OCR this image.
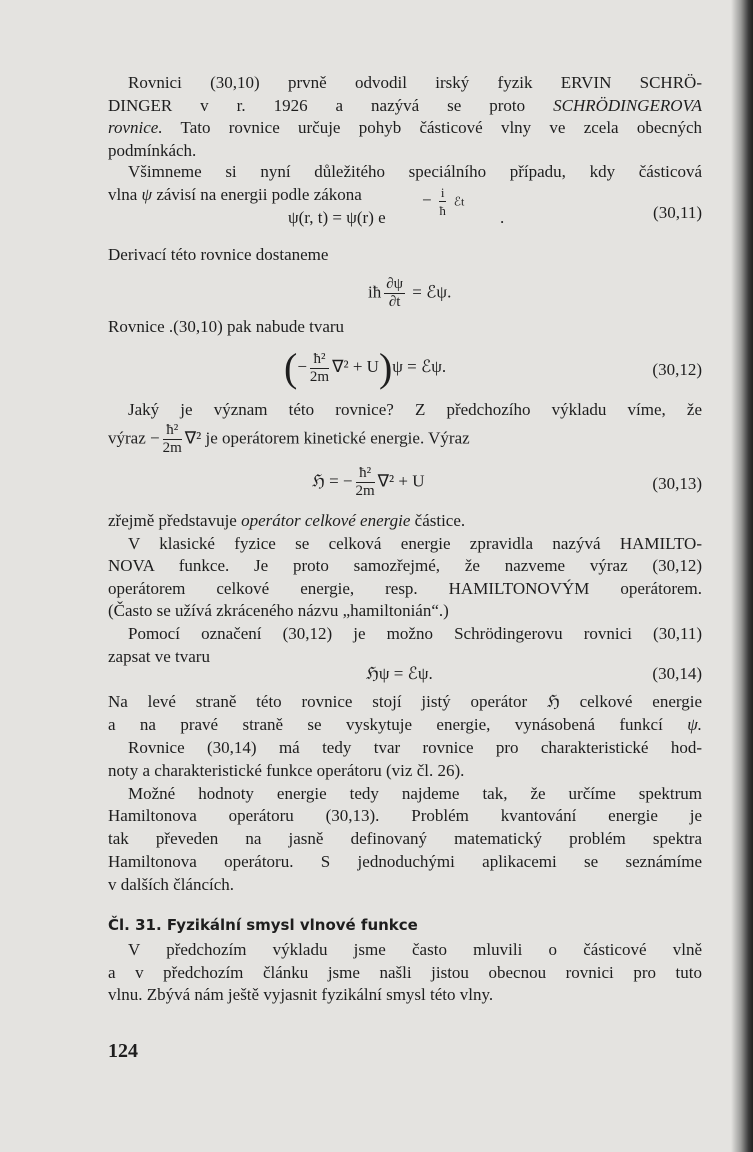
Rovnici (30,10) prvně odvodil irský fyzik ERVIN SCHRÖ-
DINGER v r. 1926 a nazývá se proto SCHRÖDINGEROVA
rovnice. Tato rovnice určuje pohyb částicové vlny ve zcela obecných
podmínkách.
Všimneme si nyní důležitého speciálního případu, kdy částicová
vlna ψ závisí na energii podle zákona
ψ(r, t) = ψ(r) e
− $\frac{i}{ħ}$ ℰt
.	(30,11)
Derivací této rovnice dostaneme
iħ $\frac{\partial\psi}{\partial t}$ = ℰψ.
Rovnice .(30,10) pak nabude tvaru
(− $\frac{\text{ħ²}}{2m} \nabla^2 + U)\psi$ = ℰψ.	(30,12)
Jaký je význam této rovnice? Z předchozího výkladu víme, že
výraz − $\frac{\text{ħ²}}{2m} \nabla^2$ je operátorem kinetické energie. Výraz
ℌ = − $\frac{\text{ħ²}}{2m} \nabla^2 + U$	(30,13)
zřejmě představuje operátor celkové energie částice.
V klasické fyzice se celková energie zpravidla nazývá HAMILTO-
NOVA funkce. Je proto samozřejmé, že nazveme výraz (30,12)
operátorem celkové energie, resp. HAMILTONOVÝM operátorem.
(Často se užívá zkráceného názvu „hamiltonián“.)
Pomocí označení (30,12) je možno Schrödingerovu rovnici (30,11)
zapsat ve tvaru
ℌψ = ℰψ.	(30,14)
Na levé straně této rovnice stojí jistý operátor ℌ celkové energie
a na pravé straně se vyskytuje energie, vynásobená funkcí ψ.
Rovnice (30,14) má tedy tvar rovnice pro charakteristické hod-
noty a charakteristické funkce operátoru (viz čl. 26).
Možné hodnoty energie tedy najdeme tak, že určíme spektrum
Hamiltonova operátoru (30,13). Problém kvantování energie je
tak převeden na jasně definovaný matematický problém spektra
Hamiltonova operátoru. S jednoduchými aplikacemi se seznámíme
v dalších článcích.
Čl. 31. Fyzikální smysl vlnové funkce
V předchozím výkladu jsme často mluvili o částicové vlně
a v předchozím článku jsme našli jistou obecnou rovnici pro tuto
vlnu. Zbývá nám ještě vyjasnit fyzikální smysl této vlny.
124
